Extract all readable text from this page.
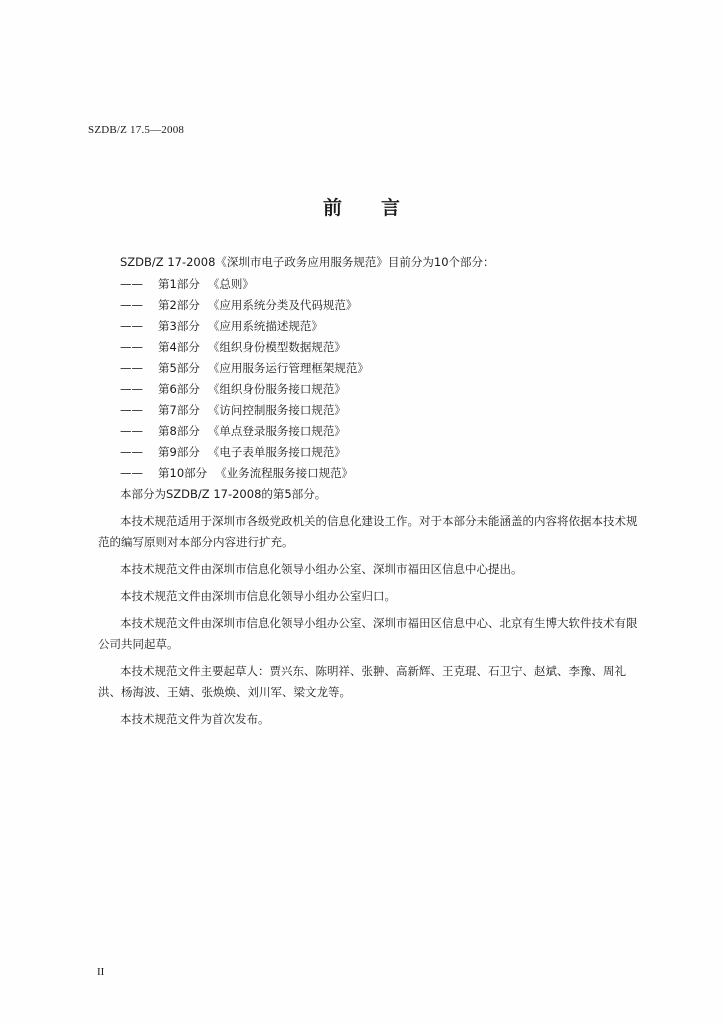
SZDB/Z 17.5—2008
前 言

SZDB/Z 17-2008《深圳市电子政务应用服务规范》目前分为10个部分：

—— 第1部分 《总则》
—— 第2部分 《应用系统分类及代码规范》
—— 第3部分 《应用系统描述规范》
—— 第4部分 《组织身份模型数据规范》
—— 第5部分 《应用服务运行管理框架规范》
—— 第6部分 《组织身份服务接口规范》
—— 第7部分 《访问控制服务接口规范》
—— 第8部分 《单点登录服务接口规范》
—— 第9部分 《电子表单服务接口规范》
—— 第10部分 《业务流程服务接口规范》

本部分为SZDB/Z 17-2008的第5部分。

本技术规范适用于深圳市各级党政机关的信息化建设工作。对于本部分未能涵盖的内容将依据本技术规范的编写原则对本部分内容进行扩充。

本技术规范文件由深圳市信息化领导小组办公室、深圳市福田区信息中心提出。

本技术规范文件由深圳市信息化领导小组办公室归口。

本技术规范文件由深圳市信息化领导小组办公室、深圳市福田区信息中心、北京有生博大软件技术有限公司共同起草。

本技术规范文件主要起草人：贾兴东、陈明祥、张翀、高新辉、王克琨、石卫宁、赵斌、李豫、周礼洪、杨海波、王婧、张焕焕、刘川军、梁文龙等。

本技术规范文件为首次发布。

II
